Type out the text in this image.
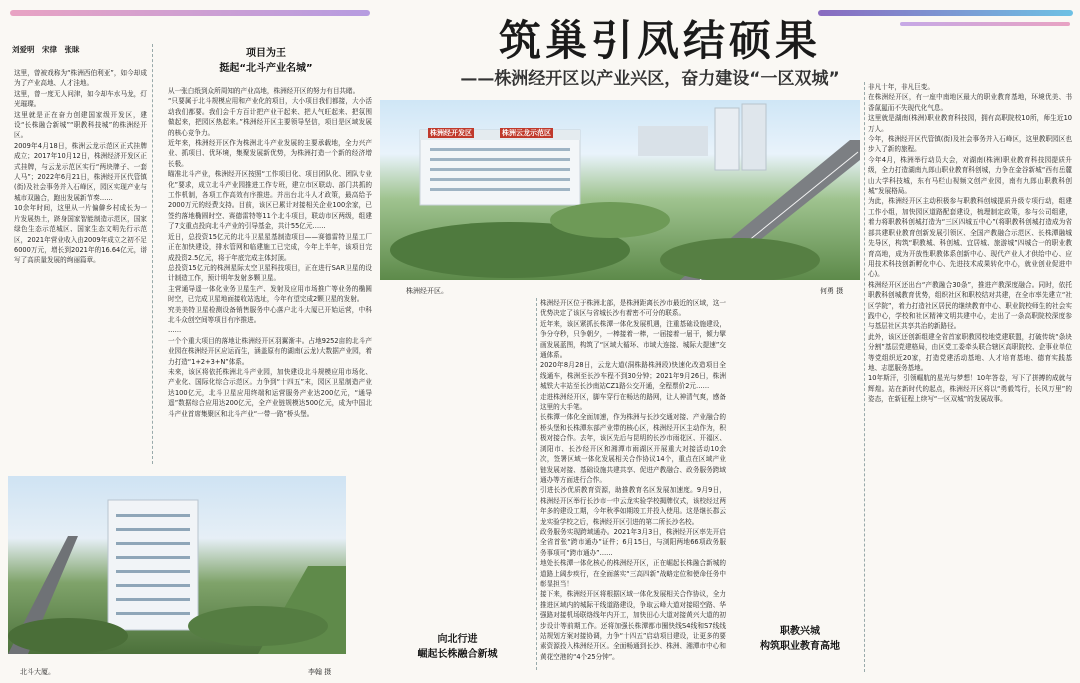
筑巢引凤结硕果
——株洲经开区以产业兴区，奋力建设“一区双城”
刘爱明　宋律　张昧
这里，曾被戏称为“株洲西伯利亚”，如今却成为了产业高地、人才洼地。
这里，曾一度无人问津，如今却车水马龙，灯光璀璨。
这里就是正在奋力创建国家级开发区，建设“长株融合新城”“职教科技城”的株洲经开区。
2009年4月18日，株洲云龙示范区正式挂牌成立；2017年10月12日，株洲经济开发区正式挂牌，与云龙示范区实行“两块牌子、一套人马”；2022年6月21日，株洲经开区代管镇(街)及社会事务并入石峰区，园区实现产业与城市双融合，跑出发展新节奏……
10余年时间，这里从一片偏僻乡村成长为一片发展热土，跻身国家智能制造示范区，国家绿色生态示范城区、国家生态文明先行示范区，2021年营业收入由2009年成立之初不足6000万元，增长到2021年的16.64亿元，谱写了高质量发展的绚丽篇章。
项目为王
挺起“北斗产业名城”
从一张白纸到众所周知的产业高地，株洲经开区的努力有目共睹。
“只要属于北斗规模应用和产业化的项目，大小项目我们都接，大小活动我们都要。我们会千方百计把产业干起来、把人气旺起来、把氛围做起来，把园区热起来。”株洲经开区主要领导坚信，项目是区域发展的核心竞争力。
近年来，株洲经开区作为株洲北斗产业发展的主要承载地，全力兴产业、抓项目、优环境，集聚发展新优势，为株洲打造一个新的经济增长极。
瞄准北斗产业，株洲经开区按照“工作项目化、项目团队化、团队专业化”要求，成立北斗产业园推进工作专班，建立市区联动、部门共抓的工作机制，各项工作高效有序推进。并出台北斗人才政策，最高给予2000万元的经费支持。目前，该区已累计对接相关企业100余家，已签约落地椭圆时空、赛德雷特等11个北斗项目，联动市区两级，组建了7支重点投向北斗产业的引导基金，共计55亿元……
近日，总投资15亿元的北斗卫星星基制造项目——赛德雷特卫星工厂正在加快建设，排水管网和临建施工已完成，今年上半年，该项目完成投资2.5亿元，将于年底完成主体封顶。
总投资15亿元的株洲星际太空卫星科技项目，正在进行SAR卫星的设计制造工作，预计明年发射多颗卫星。
主营通导遥一体化业务卫星生产、发射及应用市场推广等业务的椭圆时空，已完成卫星地面接收站选址，今年有望完成2颗卫星的发射。
究美美特卫星检测设备销售服务中心落户北斗大厦已开始运营，中科北斗众创空间等项目有序推进。
……
一个个重大项目的落地让株洲经开区羽翼渐丰。占地9252亩的北斗产业园在株洲经开区应运而生，涵盖原有的湖南(云龙)大数据产业园，着力打造“1+2+3+N”体系。
未来，该区将依托株洲北斗产业园，加快建设北斗规模应用市场化、产业化、国际化综合示范区。力争到“十四五”末，园区卫星制造产业达100亿元，北斗卫星应用终端和运营服务产业达200亿元，“通导遥”数据综合应用达200亿元，全产业链规模达500亿元，成为中国北斗产业首席集聚区和北斗产业“一带一路”桥头堡。
株洲经开发区	株洲云龙示范区
株洲经开区。	何勇 摄
株洲经开区位于株洲北部，是株洲距离长沙市最近的区域，这一优势决定了该区与省城长沙有着密不可分的联系。
近年来，该区紧抓长株潭一体化发展机遇，注重基础设施建设，争分夺秒，只争朝夕，一棒接着一棒，一届接着一届干，倾力擘画发展蓝图，构筑了“区域大循环、市域大连接、城际大提速”交通体系。
2020年8月28日，云龙大道(洞株路株洲段)快速化改造项目全线通车，株洲至长沙车程不到30分钟；2021年9月26日，株洲城铁大丰站至长沙南站CZ1路公交开通，全程票价2元……
走进株洲经开区，脚车穿行在畅达的路网，让人神清气爽，感备这里的大手笔。
长株潭一体化全面加速，作为株洲与长沙交通对接、产业融合的桥头堡和长株潭东部产业带的核心区，株洲经开区主动作为，积极对接合作。去年，该区先后与昆明的长沙市雨花区、开福区、浏阳市、长沙经开区和湘潭市雨湖区开展重大对接活动10余次，签署区域一体化发展相关合作协议14个，重点在区域产业链发展对接、基础设施共建共享、促进产教融合、政务服务跨域通办等方面进行合作。
引进长沙优质教育资源，助推教育名区发展加速度。9月9日，株洲经开区举行长沙市一中云龙实验学校揭牌仪式，该校经过两年多的建设工期，今年秋季如期竣工并投入使用。这是继长郡云龙实验学校之后，株洲经开区引进的第二所长沙名校。
政务服务实现跨域通办。2021年3月3日，株洲经开区率先开启全省首张“跨市通办”证件；6月15日，与浏阳两地66项政务服务事项可“跨市通办”……
地处长株潭一体化核心的株洲经开区，正在崛起长株融合新城的道路上阔步疾行，在全面落实“三高四新”战略定位和使命任务中彰显担当！
接下来，株洲经开区将根据区域一体化发展相关合作协议，全力推进区域内的城际干线道路建设，争取云峰大道对接昭空路、华强路对接机场联络线年内开工，加快田心大道对接黄兴大道的初步设计等前期工作。还将加强长株潭都市圈快线S4线和S7线线站规划方案对接协调，力争“十四五”启动项目建设，让更多的要素资源投入株洲经开区。全面畅通到长沙、株洲、湘潭市中心和黄花空港的“4个25分钟”。
向北行进
崛起长株融合新城
职教兴城
构筑职业教育高地
非凡十年，非凡巨变。
在株洲经开区，有一座中南地区最大的职业教育基地，环境优美、书香氤氲而不失现代化气息。
这里就是湖南(株洲)职业教育科技园，拥有高职院校10所，师生近10万人。
今年，株洲经开区代管镇(街)及社会事务并入石峰区，这里教职园区也步入了新的旅程。
今年4月，株洲举行动员大会，对湖南(株洲)职业教育科技园提质升级，全力打造湖南九郎山职业教育科创城，力争在金谷新城“西有岳麓山大学科技城，东有马栏山视频文创产业园，南有九郎山职教科创城”发展格局。
为此，株洲经开区主动积极参与职教科创城提质升级专项行动，组建工作小组，加快园区道路配套建设，梳理制定政策，参与公司组建，着力将职教科创城打造为“三区四城五中心”(将职教科创城打造成为省部共建职业教育创新发展引领区、全国产教融合示范区、长株潭融城先导区，构筑“职教城、科创城、宜居城、旅游城”四城合一的职业教育高地，成为开放性职教体系创新中心、现代产业人才供给中心、应用技术科技创新孵化中心、先进技术成果转化中心，就业创业促进中心)。
株洲经开区还出台“产教融合30条”，推进产教深度融合。同时，依托职教科创城教育优势，组织社区和职校结对共建，在全市率先建立“社区学院”，着力打造社区居民的继续教育中心、职业院校师生的社会实践中心，学校和社区精神文明共建中心，走出了一条高职院校深度参与基层社区共享共治的新路径。
此外，该区还创新组建全省首家职教园校地党建联盟，打破传统“条块分割”基层党建格局，由区党工委牵头联合辖区高职院校、企事业单位等党组织近20家，打造党建活动基地、人才培育基地、德育实践基地、志愿服务基地。
10年斯汗，引领崛航的星光与梦想！10年答卷，写下了拼搏的成就与辉煌。站在新时代的起点，株洲经开区将以“勇毅笃行，长风万里”的姿态，在新征程上续写“一区双城”的发展故事。
北斗大厦。	李翰 摄
